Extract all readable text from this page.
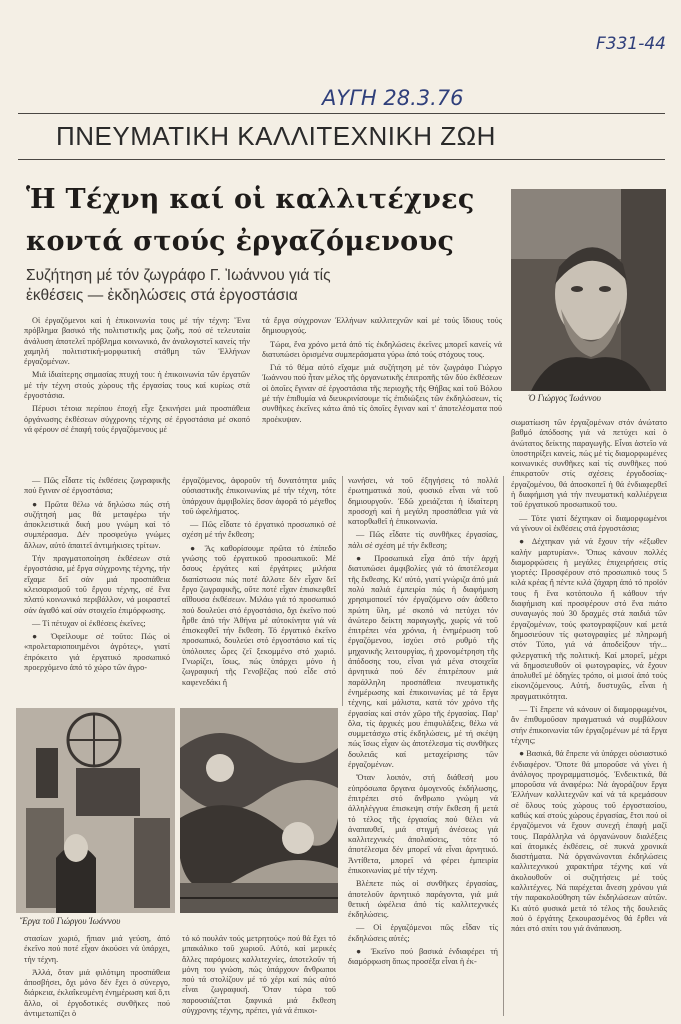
F331-44
ΑΥΓΗ 28.3.76
ΠΝΕΥΜΑΤΙΚΗ ΚΑΛΛΙΤΕΧΝΙΚΗ ΖΩΗ
Ἡ Τέχνη καί οἱ καλλιτέχνες
κοντά στούς ἐργαζόμενους
Συζήτηση μέ τόν ζωγράφο Γ. Ἰωάννου γιά τίς
ἐκθέσεις — ἐκδηλώσεις στά ἐργοστάσια
Ὁ Γιώργος Ἰωάννου

Οἱ ἐργαζόμενοι καί ἡ ἐπικοινωνία τους μέ τήν τέχνη: Ἕνα πρόβλημα βασικό τῆς πολιτιστικῆς μας ζωῆς, πού σέ τελευταία ἀνάλυση ἀποτελεῖ πρόβλημα κοινωνικό, ἄν ἀναλογιστεῖ κανείς τήν χαμηλή πολιτιστική-μορφωτική στάθμη τῶν Ἑλλήνων ἐργαζομένων.

Μιά ἰδιαίτερης σημασίας πτυχή του: ἡ ἐπικοινωνία τῶν ἐργατῶν μέ τήν τέχνη στούς χώρους τῆς ἐργασίας τους καί κυρίως στά ἐργοστάσια.

Πέρυσι τέτοια περίπου ἐποχή εἶχε ξεκινήσει μιά προσπάθεια ὀργάνωσης ἐκθέσεων σύγχρονης τέχνης σέ ἐργοστάσια μέ σκοπό νά φέρουν σέ ἐπαφή τούς ἐργαζόμενους μέ

τά ἔργα σύγχρονων Ἑλλήνων καλλιτεχνῶν καί μέ τούς ἴδιους τούς δημιουργούς.

Τώρα, ἕνα χρόνο μετά ἀπό τίς ἐκδηλώσεις ἐκεῖνες μπορεῖ κανείς νά διατυπώσει ὁρισμένα συμπεράσματα γύρω ἀπό τούς στόχους τους.

Γιά τό θέμα αὐτό εἴχαμε μιά συζήτηση μέ τόν ζωγράφο Γιώργο Ἰωάννου πού ἦταν μέλος τῆς ὀργανωτικῆς ἐπιτροπῆς τῶν δύο ἐκθέσεων οἱ ὁποῖες ἔγιναν σέ ἐργοστάσια τῆς περιοχῆς τῆς Θήβας καί τοῦ Βόλου μέ τήν ἐπιθυμία νά διευκρινίσουμε τίς ἐπιδιώξεις τῶν ἐκδηλώσεων, τίς συνθῆκες ἐκεῖνες κάτω ἀπό τίς ὁποῖες ἔγιναν καί τ' ἀποτελέσματα πού προέκυψαν.

— Πῶς εἶδατε τίς ἐκθέσεις ζωγραφικῆς πού ἔγιναν σέ ἐργοστάσια;

● Πρῶτα θέλω νά δηλώσω πώς στή συζήτησή μας θά μεταφέρω τήν ἀποκλειστικά δική μου γνώμη καί τό συμπέρασμα. Δέν προσφεύγω γνώμες ἄλλων, αὐτό ἀπαιτεῖ ἀντιμήκισες τρίτων.

Τήν πραγματοποίηση ἐκθέσεων στά ἐργοστάσια, μέ ἔργα σύγχρονης τέχνης, τήν εἴχαμε δεῖ σάν μιά προσπάθεια κλεισαρισμοῦ τοῦ ἔργου τέχνης, σέ ἕνα πλατύ κοινωνικό περιβάλλον, νά μοιραστεῖ σάν ἀγαθό καί σάν στοιχεῖο ἐπιμόρφωσης.

— Τί πέτυχαν οἱ ἐκθέσεις ἐκεῖνες;

● Ὀφείλουμε σέ τοῦτο: Πώς οἱ «προλεταριοποιημένοι ἀγρότες», γιατί ἐπρόκειτο γιά ἐργατικό προσωπικό προερχόμενο ἀπό τό χώρο τῶν ἀγρο-

ἐργαζόμενος, ἀφοροῦν τή δυνατότητα μιᾶς οὐσιαστικῆς ἐπικοινωνίας μέ τήν τέχνη, τότε ὑπάρχουν ἀμφιβολίες ὅσον ἀφορᾶ τό μέγεθος τοῦ ὠφελήματος.

— Πῶς εἶδατε τό ἐργατικό προσωπικό σέ σχέση μέ τήν ἔκθεση;

● Ἄς καθορίσουμε πρῶτα τό ἐπίπεδο γνώσης τοῦ ἐργατικοῦ προσωπικοῦ: Μέ ὅσους ἐργάτες καί ἐργάτριες μιλήσα διαπίστωσα πώς ποτέ ἄλλοτε δέν εἶχαν δεῖ ἔργο ζωγραφικῆς, οὔτε ποτέ εἶχαν ἐπισκεφθεῖ αἴθουσα ἐκθέσεων. Μιλάω γιά τό προσωπικό πού δουλεύει στό ἐργοστάσιο, ὄχι ἐκεῖνο πού ἦρθε ἀπό τήν Ἀθήνα μέ αὐτοκίνητα γιά νά ἐπισκεφθεῖ τήν ἔκθεση. Τό ἐργατικό ἐκεῖνο προσωπικό, δουλεύει στό ἐργοστάσιο καί τίς ὑπόλοιπες ὧρες ζεῖ ξεκομμένο στό χωριό. Γνωρίζει, ἴσως, πώς ὑπάρχει μόνο ἡ ζωγραφική τῆς Γενοβέζας πού εἶδε στό καφενεδάκι ἤ

νωνήσει, νά τοῦ ἐξηγήσεις τό πολλά ἐρωτηματικά πού, φυσικό εἶναι νά τοῦ δημιουργοῦν. Ἐδῶ χρειάζεται ἡ ἰδιαίτερη προσοχή καί ἡ μεγάλη προσπάθεια γιά νά κατορθωθεῖ ἡ ἐπικοινωνία.

— Πῶς εἶδατε τίς συνθῆκες ἐργασίας, πάλι σέ σχέση μέ τήν ἔκθεση;

● Προσωπικά εἶχα ἀπό τήν ἀρχή διατυπώσει ἀμφιβολίες γιά τό ἀποτέλεσμα τῆς ἔκθεσης. Κι' αὐτό, γιατί γνώριζα ἀπό μιά πολύ παλιά ἐμπειρία πώς ἡ διαφήμιση χρησιμοποιεῖ τόν ἐργαζόμενο σάν ἀόθετο πρώτη ὕλη, μέ σκοπό νά πετύχει τόν ἀνώτερο δείκτη παραγωγῆς, χωρίς νά τοῦ ἐπιτρέπει νέα χρόνια, ἡ ἐνημέρωση τοῦ ἐργαζόμενου, ἰσχύει στό ρυθμό τῆς μηχανικῆς λειτουργίας, ἡ χρονομέτρηση τῆς ἀπόδοσης του, εἶναι γιά μένα στοιχεῖα ἀρνητικά πού δέν ἐπιτρέπουν μιά παράλληλη προσπάθεια πνευματικῆς ἐνημέρωσης καί ἐπικοινωνίας μέ τά ἔργα τέχνης, καί μάλιστα, κατά τόν χρόνο τῆς ἐργασίας καί στόν χῶρο τῆς ἐργασίας. Παρ' ὅλα, τίς ἀρχικές μου ἐπιφυλάξεις, θέλω νά συμμετάσχω στίς ἐκδηλώσεις, μέ τή σκέψη πώς ἴσως εἶχαν ὡς ἀποτέλεσμα τίς συνθῆκες δουλειᾶς καί μεταχείρισης τῶν ἐργαζομένων.

Ὅταν λοιπόν, στή διάθεσή μου εὐπρόσωπα ὄργανα ὁμογενοῦς ἐκδήλωσης, ἐπιτρέπει στό ἄνθρωπο γνώμη νά ἀλληλέγγυα ἐπισκεψη στήν ἔκθεση ἤ μετά τό τέλος τῆς ἐργασίας πού θέλει νά ἀναπαυθεῖ, μιά στιγμή ἀνέσεως γιά καλλιτεχνικές ἀπολαύσεις, τότε τό ἀποτέλεσμα δέν μπορεῖ νά εἶναι ἀρνητικό. Ἀντίθετα, μπορεῖ νά φέρει ἐμπειρία ἐπικοινωνίας μέ τήν τέχνη.

Βλέπετε πώς οἱ συνθῆκες ἐργασίας, ἀποτελοῦν ἀρνητικό παράγοντα, γιά μιά θετική ὠφέλεια ἀπό τίς καλλιτεχνικές ἐκδηλώσεις.

— Οἱ ἐργαζόμενοι πῶς εἶδαν τίς ἐκδηλώσεις αὐτές;

● Ἐκεῖνο πού βασικά ἐνδιαφέρει τή διαμόρφωση ὅπως προσέξα εἶναι ἡ ἐκ-

σωματίωση τῶν ἐργαζομένων στόν ἀνώτατο βαθμό ἀπόδοσης γιά νά πετύχει καί ὁ ἀνώτατος δείκτης παραγωγῆς. Εἶναι ἀστεῖο νά ὑποστηρίξει κανείς, πώς μέ τίς διαμορφωμένες κοινωνικές συνθῆκες καί τίς συνθῆκες πού ἐπικρατοῦν στίς σχέσεις ἐργοδοσίας-ἐργαζομένου, θά ἀποσκοπεῖ ἡ θά ἐνδιαφερθεῖ ἡ διαφήμιση γιά τήν πνευματική καλλιέργεια τοῦ ἐργατικοῦ προσωπικοῦ του.

— Τότε γιατί δέχτηκαν οἱ διαμορφωμένοι νά γίνουν οἱ ἐκθέσεις στά ἐργοστάσια;

● Δέχτηκαν γιά νά ἔχουν τήν «ἐξωθεν καλήν μαρτυρίαν». Ὅπως κάνουν πολλές διαμορφώσεις ἡ μεγάλες ἐπιχειρήσεις στίς γιορτές: Προσφέρουν στό προσωπικό τους 5 κιλά κρέας ἤ πέντε κιλά ζάχαρη ἀπό τό προϊόν τους ἤ ἕνα κοτόπουλο ἤ κάθουν τήν διαφήμιση καί προσφέρουν στό ἕνα πιάτο συναγωγός πού 30 δραχμές στά παιδιά τῶν ἐργαζομένων, τούς φωτογραφίζουν καί μετά δημοσιεύουν τίς φωτογραφίες μέ πληρωμή στόν Τύπο, γιά νά ἀποδείξουν τήν... φιλεργατική τῆς πολιτική. Καί μπορεῖ, μέχρι νά δημοσιευθοῦν οἱ φωτογραφίες, νά ἔχουν ἀπολυθεῖ μέ ὁδηγίες τρόπο, οἱ μισοί ἀπό τούς εἰκονιζόμενους. Αὐτή, δυστυχῶς, εἶναι ἡ πραγματικότητα.

— Τί ἔπρεπε νά κάνουν οἱ διαμορφωμένοι, ἄν ἐπιθυμοῦσαν πραγματικά νά συμβάλουν στήν ἐπικοινωνία τῶν ἐργαζομένων μέ τά ἔργα τέχνης;

● Βασικά, θά ἔπρεπε νά ὑπάρχει οὐσιαστικό ἐνδιαφέρον. Ὅποτε θά μποροῦσε νά γίνει ἡ ἀνάλογος προγραμματισμός. Ἐνδεικτικά, θά μποροῦσα νά ἀναφέρω: Νά ἀγοράζουν ἔργα Ἑλλήνων καλλιτεχνῶν καί νά τά κρεμάσουν σέ ὅλους τούς χώρους τοῦ ἐργοστασίου, καθώς καί στούς χώρους ἐργασίας, ἔτσι πού οἱ ἐργαζόμενοι νά ἔχουν συνεχή ἐπαφή μαζί τους. Παράλληλα νά ὀργανώνουν διαλέξεις καί ἀτομικές ἐκθέσεις, σέ πυκνά χρονικά διαστήματα. Νά ὀργανώνονται ἐκδηλώσεις καλλιτεχνικού χαρακτήρα τέχνης καί νά ἀκολουθοῦν οἱ συζητήσεις μέ τούς καλλιτέχνες. Νά παρέχεται ἄνεση χρόνου γιά τήν παρακολούθηση τῶν ἐκδηλώσεων αὐτῶν. Κι αὐτό φυσικά μετά τό τέλος τῆς δουλειᾶς πού ὁ ἐργάτης ξεκουρασμένος θά ἔρθει νά πάει στό σπίτι του γιά ἀνάπαυση.

Ἔργα τοῦ Γιώργου Ἰωάννου

στασίων χωριό, ἤπιαν μιά γεύση, ἀπό ἐκεῖνο πού ποτέ εἶχαν ἀκούσει νά ὑπάρχει, τήν τέχνη.

Ἀλλά, ὅταν μιά φιλότιμη προσπάθεια ἀποσβήσει, ὄχι μόνο δέν ἔχει ὁ σύνεργο, διάρκεια, ἐκλαΐκευμένη ἐνημέρωση καί ὅ,τι ἄλλο, οἱ ἐργοδοτικές συνθῆκες πού ἀντιμετωπίζει ὁ

τό κό πουλάν τούς μετρητούς» πού θά ἔχει τό μπακάλικο τοῦ χωριοῦ. Αὐτό, καί μερικές ἄλλες παρόμοιες καλλιτεχνίες, ἀποτελοῦν τή μόνη του γνώση, πώς ὑπάρχουν ἄνθρωποι πού τά στολίζουν μέ τό χέρι καί πώς αὐτό εἶναι ζωγραφική. Ὅταν τώρα τοῦ παρουσιάζεται ξαφνικά μιά ἔκθεση σύγχρονης τέχνης, πρέπει, γιά νά ἐπικοι-
